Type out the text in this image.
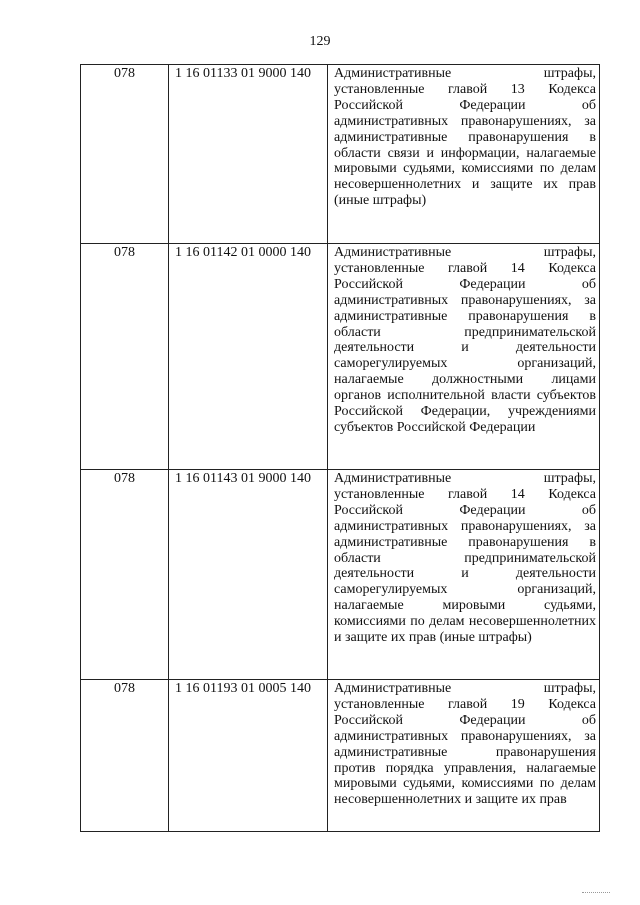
129
078	1 16 01133 01 9000 140	Административные штрафы, установленные главой 13 Кодекса Российской Федерации об административных правонарушениях, за административные правонарушения в области связи и информации, налагаемые мировыми судьями, комиссиями по делам несовершеннолетних и защите их прав (иные штрафы)
078	1 16 01142 01 0000 140	Административные штрафы, установленные главой 14 Кодекса Российской Федерации об административных правонарушениях, за административные правонарушения в области предпринимательской деятельности и деятельности саморегулируемых организаций, налагаемые должностными лицами органов исполнительной власти субъектов Российской Федерации, учреждениями субъектов Российской Федерации
078	1 16 01143 01 9000 140	Административные штрафы, установленные главой 14 Кодекса Российской Федерации об административных правонарушениях, за административные правонарушения в области предпринимательской деятельности и деятельности саморегулируемых организаций, налагаемые мировыми судьями, комиссиями по делам несовершеннолетних и защите их прав (иные штрафы)
078	1 16 01193 01 0005 140	Административные штрафы, установленные главой 19 Кодекса Российской Федерации об административных правонарушениях, за административные правонарушения против порядка управления, налагаемые мировыми судьями, комиссиями по делам несовершеннолетних и защите их прав
